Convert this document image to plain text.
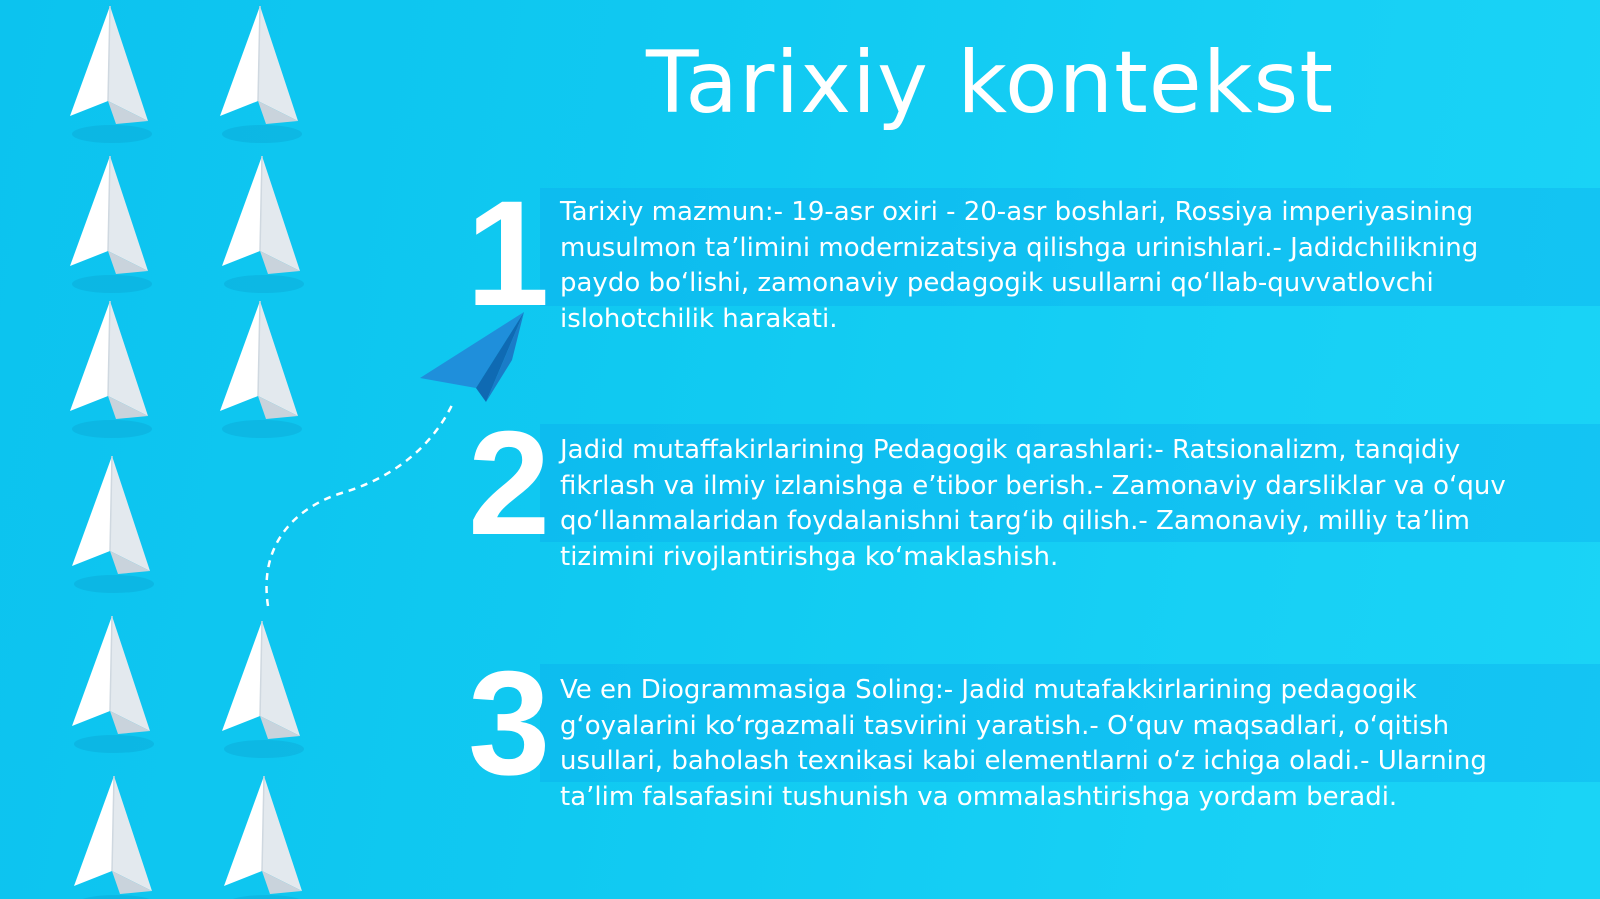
Tarixiy kontekst
1 Tarixiy mazmun:- 19-asr oxiri - 20-asr boshlari, Rossiya imperiyasining
musulmon ta’limini modernizatsiya qilishga urinishlari.- Jadidchilikning
paydo bo‘lishi, zamonaviy pedagogik usullarni qo‘llab-quvvatlovchi
islohotchilik harakati.

2 Jadid mutaffakirlarining Pedagogik qarashlari:- Ratsionalizm, tanqidiy
fikrlash va ilmiy izlanishga e’tibor berish.- Zamonaviy darsliklar va o‘quv
qo‘llanmalaridan foydalanishni targ‘ib qilish.- Zamonaviy, milliy ta’lim
tizimini rivojlantirishga ko‘maklashish.

3 Ve en Diogrammasiga Soling:- Jadid mutafakkirlarining pedagogik
g‘oyalarini ko‘rgazmali tasvirini yaratish.- O‘quv maqsadlari, o‘qitish
usullari, baholash texnikasi kabi elementlarni o‘z ichiga oladi.- Ularning
ta’lim falsafasini tushunish va ommalashtirishga yordam beradi.
